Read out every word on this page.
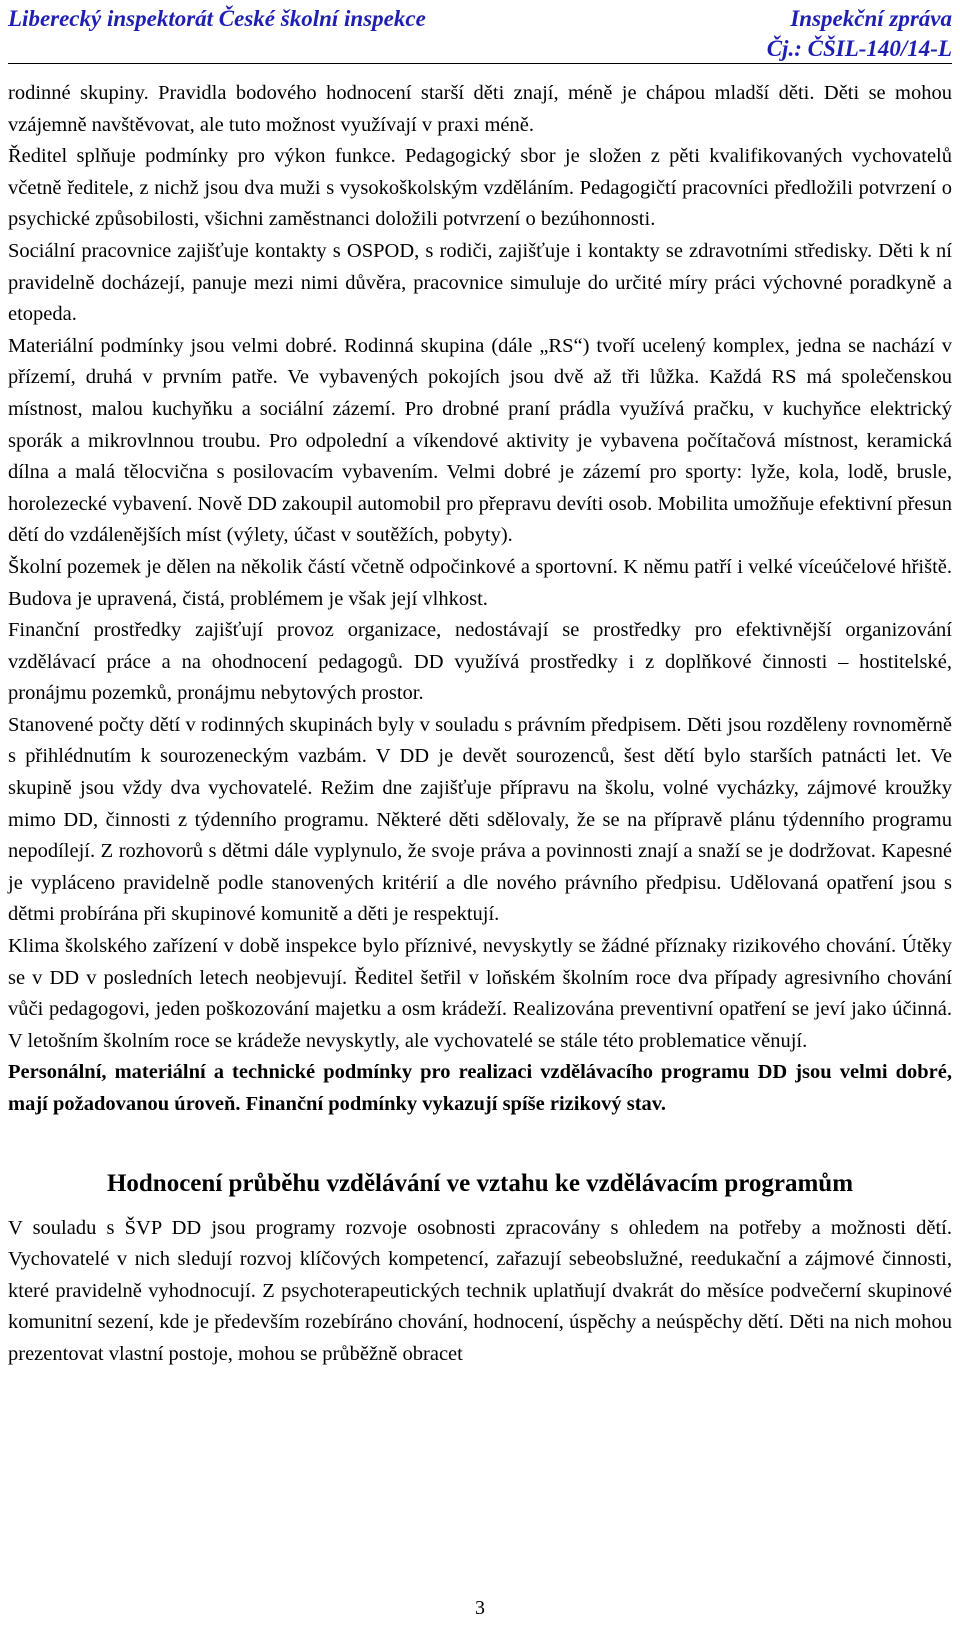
Liberecký inspektorát České školní inspekce	Inspekční zpráva
Čj.: ČŠIL-140/14-L

rodinné skupiny. Pravidla bodového hodnocení starší děti znají, méně je chápou mladší děti. Děti se mohou vzájemně navštěvovat, ale tuto možnost využívají v praxi méně.

Ředitel splňuje podmínky pro výkon funkce. Pedagogický sbor je složen z pěti kvalifikovaných vychovatelů včetně ředitele, z nichž jsou dva muži s vysokoškolským vzděláním. Pedagogičtí pracovníci předložili potvrzení o psychické způsobilosti, všichni zaměstnanci doložili potvrzení o bezúhonnosti.

Sociální pracovnice zajišťuje kontakty s OSPOD, s rodiči, zajišťuje i kontakty se zdravotními středisky. Děti k ní pravidelně docházejí, panuje mezi nimi důvěra, pracovnice simuluje do určité míry práci výchovné poradkyně a etopeda.

Materiální podmínky jsou velmi dobré. Rodinná skupina (dále „RS“) tvoří ucelený komplex, jedna se nachází v přízemí, druhá v prvním patře. Ve vybavených pokojích jsou dvě až tři lůžka. Každá RS má společenskou místnost, malou kuchyňku a sociální zázemí. Pro drobné praní prádla využívá pračku, v kuchyňce elektrický sporák a mikrovlnnou troubu. Pro odpolední a víkendové aktivity je vybavena počítačová místnost, keramická dílna a malá tělocvična s posilovacím vybavením. Velmi dobré je zázemí pro sporty: lyže, kola, lodě, brusle, horolezecké vybavení. Nově DD zakoupil automobil pro přepravu devíti osob. Mobilita umožňuje efektivní přesun dětí do vzdálenějších míst (výlety, účast v soutěžích, pobyty).

Školní pozemek je dělen na několik částí včetně odpočinkové a sportovní. K němu patří i velké víceúčelové hřiště. Budova je upravená, čistá, problémem je však její vlhkost.

Finanční prostředky zajišťují provoz organizace, nedostávají se prostředky pro efektivnější organizování vzdělávací práce a na ohodnocení pedagogů. DD využívá prostředky i z doplňkové činnosti – hostitelské, pronájmu pozemků, pronájmu nebytových prostor.

Stanovené počty dětí v rodinných skupinách byly v souladu s právním předpisem. Děti jsou rozděleny rovnoměrně s přihlédnutím k sourozeneckým vazbám. V DD je devět sourozenců, šest dětí bylo starších patnácti let. Ve skupině jsou vždy dva vychovatelé. Režim dne zajišťuje přípravu na školu, volné vycházky, zájmové kroužky mimo DD, činnosti z týdenního programu. Některé děti sdělovaly, že se na přípravě plánu týdenního programu nepodílejí. Z rozhovorů s dětmi dále vyplynulo, že svoje práva a povinnosti znají a snaží se je dodržovat. Kapesné je vypláceno pravidelně podle stanovených kritérií a dle nového právního předpisu. Udělovaná opatření jsou s dětmi probírána při skupinové komunitě a děti je respektují.

Klima školského zařízení v době inspekce bylo příznivé, nevyskytly se žádné příznaky rizikového chování. Útěky se v DD v posledních letech neobjevují. Ředitel šetřil v loňském školním roce dva případy agresivního chování vůči pedagogovi, jeden poškozování majetku a osm krádeží. Realizována preventivní opatření se jeví jako účinná. V letošním školním roce se krádeže nevyskytly, ale vychovatelé se stále této problematice věnují.

Personální, materiální a technické podmínky pro realizaci vzdělávacího programu DD jsou velmi dobré, mají požadovanou úroveň. Finanční podmínky vykazují spíše rizikový stav.

Hodnocení průběhu vzdělávání ve vztahu ke vzdělávacím programům

V souladu s ŠVP DD jsou programy rozvoje osobnosti zpracovány s ohledem na potřeby a možnosti dětí. Vychovatelé v nich sledují rozvoj klíčových kompetencí, zařazují sebeobslužné, reedukační a zájmové činnosti, které pravidelně vyhodnocují. Z psychoterapeutických technik uplatňují dvakrát do měsíce podvečerní skupinové komunitní sezení, kde je především rozebíráno chování, hodnocení, úspěchy a neúspěchy dětí. Děti na nich mohou prezentovat vlastní postoje, mohou se průběžně obracet

3
